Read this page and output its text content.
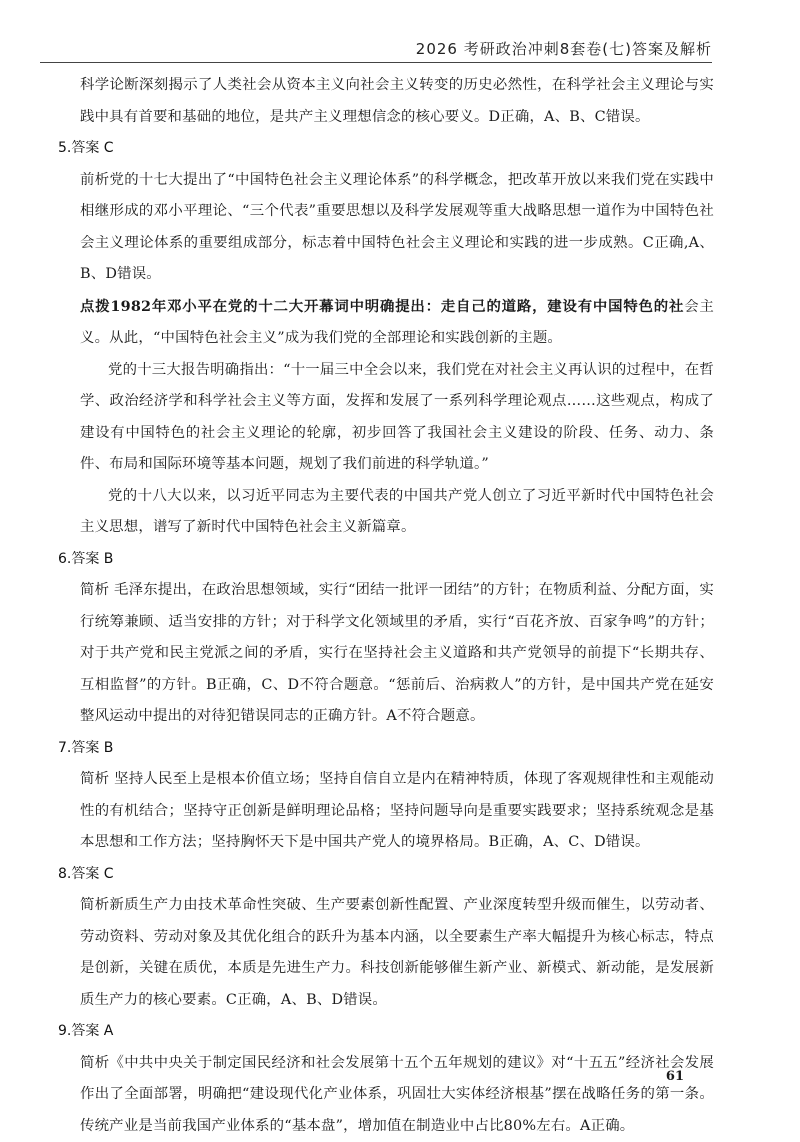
2026 考研政治冲刺8套卷(七)答案及解析

科学论断深刻揭示了人类社会从资本主义向社会主义转变的历史必然性，在科学社会主义理论与实践中具有首要和基础的地位，是共产主义理想信念的核心要义。D正确，A、B、C错误。

5.答案 C

前析党的十七大提出了“中国特色社会主义理论体系”的科学概念，把改革开放以来我们党在实践中相继形成的邓小平理论、“三个代表”重要思想以及科学发展观等重大战略思想一道作为中国特色社会主义理论体系的重要组成部分，标志着中国特色社会主义理论和实践的进一步成熟。C正确,A、B、D错误。

点拨1982年邓小平在党的十二大开幕词中明确提出：走自己的道路，建设有中国特色的社会主义。从此，“中国特色社会主义”成为我们党的全部理论和实践创新的主题。

党的十三大报告明确指出：“十一届三中全会以来，我们党在对社会主义再认识的过程中，在哲学、政治经济学和科学社会主义等方面，发挥和发展了一系列科学理论观点……这些观点，构成了建设有中国特色的社会主义理论的轮廓，初步回答了我国社会主义建设的阶段、任务、动力、条件、布局和国际环境等基本问题，规划了我们前进的科学轨道。”

党的十八大以来，以习近平同志为主要代表的中国共产党人创立了习近平新时代中国特色社会主义思想，谱写了新时代中国特色社会主义新篇章。

6.答案 B

简析 毛泽东提出，在政治思想领域，实行“团结一批评一团结”的方针；在物质利益、分配方面，实行统筹兼顾、适当安排的方针；对于科学文化领域里的矛盾，实行“百花齐放、百家争鸣”的方针；对于共产党和民主党派之间的矛盾，实行在坚持社会主义道路和共产党领导的前提下“长期共存、互相监督”的方针。B正确，C、D不符合题意。“惩前后、治病救人”的方针，是中国共产党在延安整风运动中提出的对待犯错误同志的正确方针。A不符合题意。

7.答案 B

简析 坚持人民至上是根本价值立场；坚持自信自立是内在精神特质，体现了客观规律性和主观能动性的有机结合；坚持守正创新是鲜明理论品格；坚持问题导向是重要实践要求；坚持系统观念是基本思想和工作方法；坚持胸怀天下是中国共产党人的境界格局。B正确，A、C、D错误。

8.答案 C

简析新质生产力由技术革命性突破、生产要素创新性配置、产业深度转型升级而催生，以劳动者、劳动资料、劳动对象及其优化组合的跃升为基本内涵，以全要素生产率大幅提升为核心标志，特点是创新，关键在质优，本质是先进生产力。科技创新能够催生新产业、新模式、新动能，是发展新质生产力的核心要素。C正确，A、B、D错误。

9.答案 A

简析《中共中央关于制定国民经济和社会发展第十五个五年规划的建议》对“十五五”经济社会发展作出了全面部署，明确把“建设现代化产业体系，巩固壮大实体经济根基”摆在战略任务的第一条。传统产业是当前我国产业体系的“基本盘”，增加值在制造业中占比80%左右。A正确。

61
